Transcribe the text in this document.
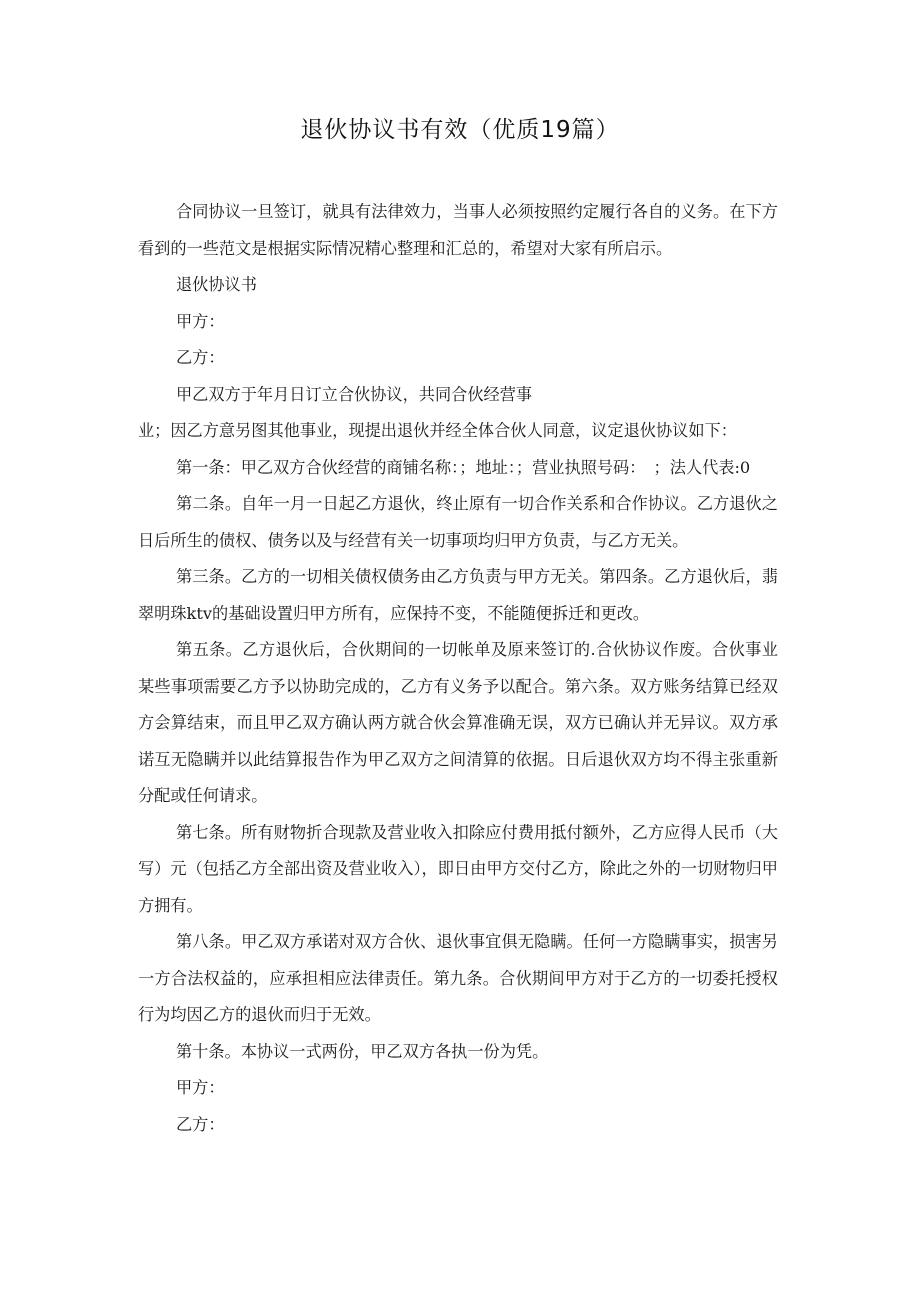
退伙协议书有效（优质19篇）

合同协议一旦签订，就具有法律效力，当事人必须按照约定履行各自的义务。在下方看到的一些范文是根据实际情况精心整理和汇总的，希望对大家有所启示。

退伙协议书

甲方：

乙方：

甲乙双方于年月日订立合伙协议，共同合伙经营事

业；因乙方意另图其他事业，现提出退伙并经全体合伙人同意，议定退伙协议如下：

第一条：甲乙双方合伙经营的商铺名称：；地址：；营业执照号码：　；法人代表:0

第二条。自年一月一日起乙方退伙，终止原有一切合作关系和合作协议。乙方退伙之日后所生的债权、债务以及与经营有关一切事项均归甲方负责，与乙方无关。

第三条。乙方的一切相关债权债务由乙方负责与甲方无关。第四条。乙方退伙后，翡翠明珠ktv的基础设置归甲方所有，应保持不变，不能随便拆迁和更改。

第五条。乙方退伙后，合伙期间的一切帐单及原来签订的.合伙协议作废。合伙事业某些事项需要乙方予以协助完成的，乙方有义务予以配合。第六条。双方账务结算已经双方会算结束，而且甲乙双方确认两方就合伙会算准确无误，双方已确认并无异议。双方承诺互无隐瞒并以此结算报告作为甲乙双方之间清算的依据。日后退伙双方均不得主张重新分配或任何请求。

第七条。所有财物折合现款及营业收入扣除应付费用抵付额外，乙方应得人民币（大写）元（包括乙方全部出资及营业收入），即日由甲方交付乙方，除此之外的一切财物归甲方拥有。

第八条。甲乙双方承诺对双方合伙、退伙事宜俱无隐瞒。任何一方隐瞒事实，损害另一方合法权益的，应承担相应法律责任。第九条。合伙期间甲方对于乙方的一切委托授权行为均因乙方的退伙而归于无效。

第十条。本协议一式两份，甲乙双方各执一份为凭。

甲方：

乙方：
